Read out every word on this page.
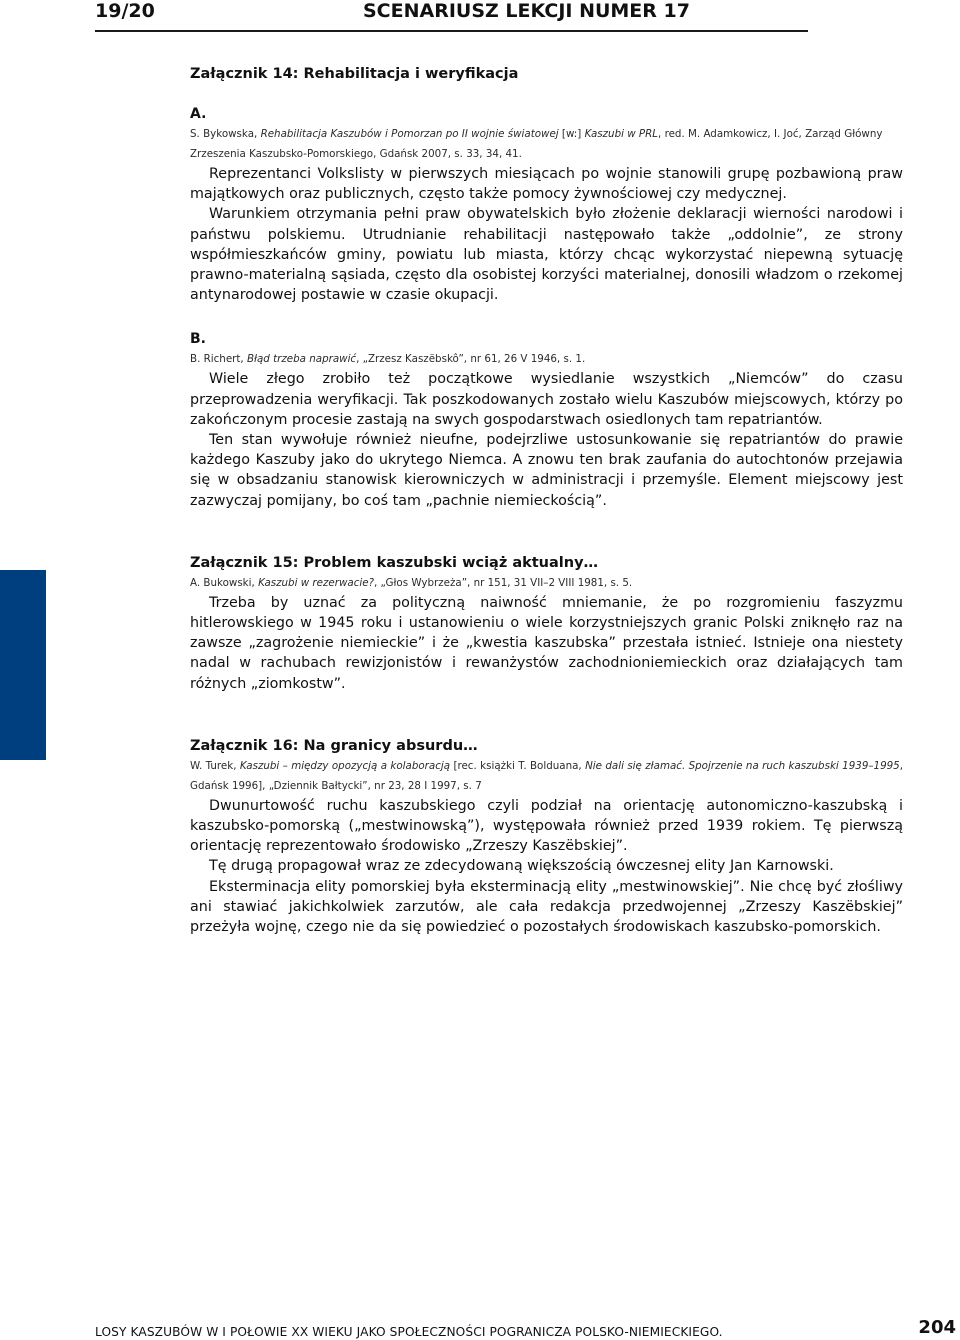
19/20	SCENARIUSZ LEKCJI NUMER 17
Załącznik 14: Rehabilitacja i weryfikacja

A.

S. Bykowska, Rehabilitacja Kaszubów i Pomorzan po II wojnie światowej [w:] Kaszubi w PRL, red. M. Adamkowicz, I. Joć, Zarząd Główny Zrzeszenia Kaszubsko-Pomorskiego, Gdańsk 2007, s. 33, 34, 41.

Reprezentanci Volkslisty w pierwszych miesiącach po wojnie stanowili grupę pozbawioną praw majątkowych oraz publicznych, często także pomocy żywnościowej czy medycznej.

Warunkiem otrzymania pełni praw obywatelskich było złożenie deklaracji wierności narodowi i państwu polskiemu. Utrudnianie rehabilitacji następowało także „oddolnie”, ze strony współmieszkańców gminy, powiatu lub miasta, którzy chcąc wykorzystać niepewną sytuację prawno-materialną sąsiada, często dla osobistej korzyści materialnej, donosili władzom o rzekomej antynarodowej postawie w czasie okupacji.

B.

B. Richert, Błąd trzeba naprawić, „Zrzesz Kaszëbskô”, nr 61, 26 V 1946, s. 1.

Wiele złego zrobiło też początkowe wysiedlanie wszystkich „Niemców” do czasu przeprowadzenia weryfikacji. Tak poszkodowanych zostało wielu Kaszubów miejscowych, którzy po zakończonym procesie zastają na swych gospodarstwach osiedlonych tam repatriantów.

Ten stan wywołuje również nieufne, podejrzliwe ustosunkowanie się repatriantów do prawie każdego Kaszuby jako do ukrytego Niemca. A znowu ten brak zaufania do autochtonów przejawia się w obsadzaniu stanowisk kierowniczych w administracji i przemyśle. Element miejscowy jest zazwyczaj pomijany, bo coś tam „pachnie niemieckością”.

Załącznik 15: Problem kaszubski wciąż aktualny…

A. Bukowski, Kaszubi w rezerwacie?, „Głos Wybrzeża”, nr 151, 31 VII–2 VIII 1981, s. 5.

Trzeba by uznać za polityczną naiwność mniemanie, że po rozgromieniu faszyzmu hitlerowskiego w 1945 roku i ustanowieniu o wiele korzystniejszych granic Polski zniknęło raz na zawsze „zagrożenie niemieckie” i że „kwestia kaszubska” przestała istnieć. Istnieje ona niestety nadal w rachubach rewizjonistów i rewanżystów zachodnioniemieckich oraz działających tam różnych „ziomkostw”.

Załącznik 16: Na granicy absurdu…

W. Turek, Kaszubi – między opozycją a kolaboracją [rec. książki T. Bolduana, Nie dali się złamać. Spojrzenie na ruch kaszubski 1939–1995, Gdańsk 1996], „Dziennik Bałtycki”, nr 23, 28 I 1997, s. 7

Dwunurtowość ruchu kaszubskiego czyli podział na orientację autonomiczno-kaszubską i kaszubsko-pomorską („mestwinowską”), występowała również przed 1939 rokiem. Tę pierwszą orientację reprezentowało środowisko „Zrzeszy Kaszëbskiej”.

Tę drugą propagował wraz ze zdecydowaną większością ówczesnej elity Jan Karnowski.

Eksterminacja elity pomorskiej była eksterminacją elity „mestwinowskiej”. Nie chcę być złośliwy ani stawiać jakichkolwiek zarzutów, ale cała redakcja przedwojennej „Zrzeszy Kaszëbskiej” przeżyła wojnę, czego nie da się powiedzieć o pozostałych środowiskach kaszubsko-pomorskich.

LOSY KASZUBÓW W I POŁOWIE XX WIEKU JAKO SPOŁECZNOŚCI POGRANICZA POLSKO-NIEMIECKIEGO.	204
